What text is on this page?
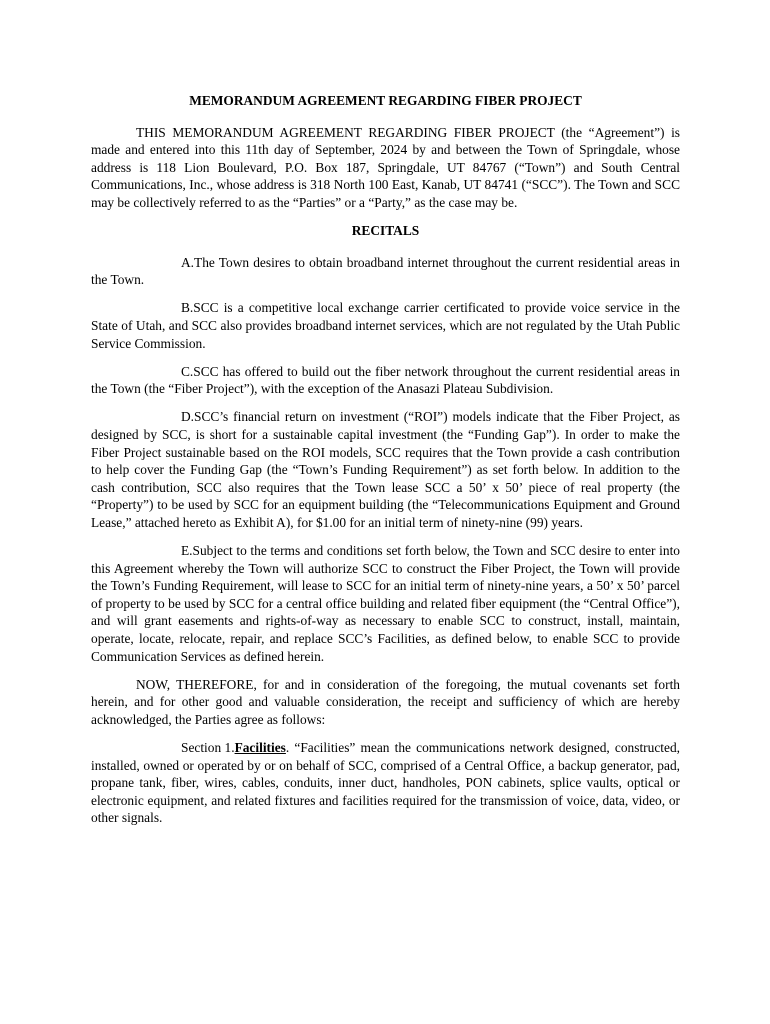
MEMORANDUM AGREEMENT REGARDING FIBER PROJECT

THIS MEMORANDUM AGREEMENT REGARDING FIBER PROJECT (the “Agreement”) is made and entered into this 11th day of September, 2024 by and between the Town of Springdale, whose address is 118 Lion Boulevard, P.O. Box 187, Springdale, UT 84767 (“Town”) and South Central Communications, Inc., whose address is 318 North 100 East, Kanab, UT 84741 (“SCC”). The Town and SCC may be collectively referred to as the “Parties” or a “Party,” as the case may be.

RECITALS

A.The Town desires to obtain broadband internet throughout the current residential areas in the Town.

B.SCC is a competitive local exchange carrier certificated to provide voice service in the State of Utah, and SCC also provides broadband internet services, which are not regulated by the Utah Public Service Commission.

C.SCC has offered to build out the fiber network throughout the current residential areas in the Town (the “Fiber Project”), with the exception of the Anasazi Plateau Subdivision.

D.SCC’s financial return on investment (“ROI”) models indicate that the Fiber Project, as designed by SCC, is short for a sustainable capital investment (the “Funding Gap”). In order to make the Fiber Project sustainable based on the ROI models, SCC requires that the Town provide a cash contribution to help cover the Funding Gap (the “Town’s Funding Requirement”) as set forth below. In addition to the cash contribution, SCC also requires that the Town lease SCC a 50’ x 50’ piece of real property (the “Property”) to be used by SCC for an equipment building (the “Telecommunications Equipment and Ground Lease,” attached hereto as Exhibit A), for $1.00 for an initial term of ninety-nine (99) years.

E.Subject to the terms and conditions set forth below, the Town and SCC desire to enter into this Agreement whereby the Town will authorize SCC to construct the Fiber Project, the Town will provide the Town’s Funding Requirement, will lease to SCC for an initial term of ninety-nine years, a 50’ x 50’ parcel of property to be used by SCC for a central office building and related fiber equipment (the “Central Office”), and will grant easements and rights-of-way as necessary to enable SCC to construct, install, maintain, operate, locate, relocate, repair, and replace SCC’s Facilities, as defined below, to enable SCC to provide Communication Services as defined herein.

NOW, THEREFORE, for and in consideration of the foregoing, the mutual covenants set forth herein, and for other good and valuable consideration, the receipt and sufficiency of which are hereby acknowledged, the Parties agree as follows:

Section 1.Facilities. “Facilities” mean the communications network designed, constructed, installed, owned or operated by or on behalf of SCC, comprised of a Central Office, a backup generator, pad, propane tank, fiber, wires, cables, conduits, inner duct, handholes, PON cabinets, splice vaults, optical or electronic equipment, and related fixtures and facilities required for the transmission of voice, data, video, or other signals.
